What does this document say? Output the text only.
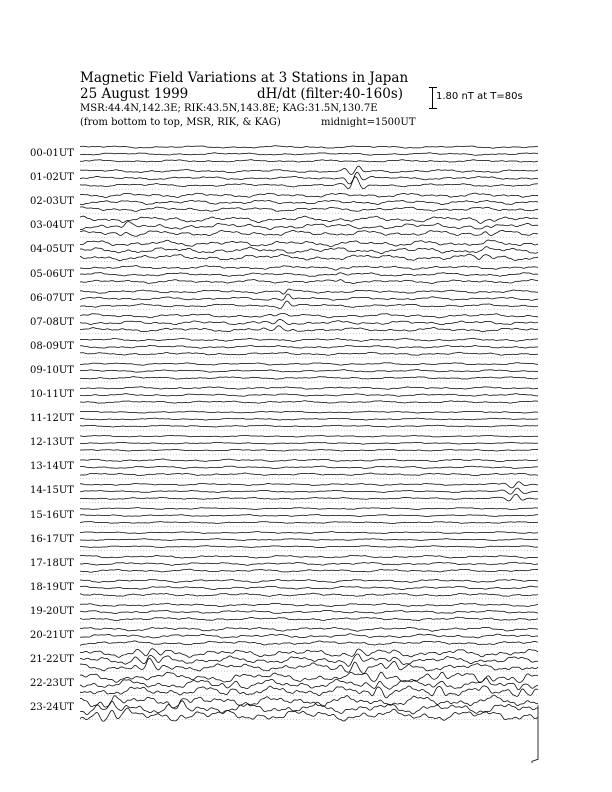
Magnetic Field Variations at 3 Stations in Japan
25 August 1999	dH/dt (filter:40-160s)
MSR:44.4N,142.3E; RIK:43.5N,143.8E; KAG:31.5N,130.7E
(from bottom to top, MSR, RIK, & KAG)	midnight=1500UT
1.80 nT at T=80s
00-01UT
01-02UT
02-03UT
03-04UT
04-05UT
05-06UT
06-07UT
07-08UT
08-09UT
09-10UT
10-11UT
11-12UT
12-13UT
13-14UT
14-15UT
15-16UT
16-17UT
17-18UT
18-19UT
19-20UT
20-21UT
21-22UT
22-23UT
23-24UT
